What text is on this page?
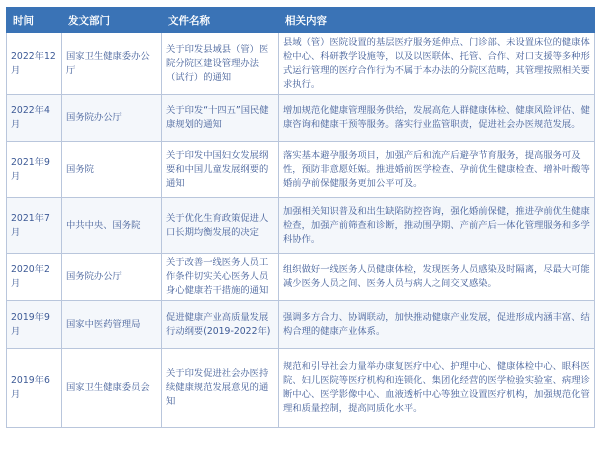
时间	发文部门	文件名称	相关内容
2022年12月	国家卫生健康委办公厅	关于印发县域县（管）医院分院区建设管理办法（试行）的通知	县域（管）医院设置的基层医疗服务延伸点、门诊部、未设置床位的健康体检中心、科研教学设施等，以及以医联体、托管、合作、对口支援等多种形式运行管理的医疗合作行为不属于本办法的分院区范畴，其管理按照相关要求执行。
2022年4月	国务院办公厅	关于印发“十四五”国民健康规划的通知	增加规范化健康管理服务供给，发展高危人群健康体检、健康风险评估、健康咨询和健康干预等服务。落实行业监管职责，促进社会办医规范发展。
2021年9月	国务院	关于印发中国妇女发展纲要和中国儿童发展纲要的通知	落实基本避孕服务项目，加强产后和流产后避孕节育服务，提高服务可及性，预防非意愿妊娠。推进婚前医学检查、孕前优生健康检查、增补叶酸等婚前孕前保健服务更加公平可及。
2021年7月	中共中央、国务院	关于优化生育政策促进人口长期均衡发展的决定	加强相关知识普及和出生缺陷防控咨询，强化婚前保健，推进孕前优生健康检查，加强产前筛查和诊断，推动围孕期、产前产后一体化管理服务和多学科协作。
2020年2月	国务院办公厅	关于改善一线医务人员工作条件切实关心医务人员身心健康若干措施的通知	组织做好一线医务人员健康体检，发现医务人员感染及时隔离，尽最大可能减少医务人员之间、医务人员与病人之间交叉感染。
2019年9月	国家中医药管理局	促进健康产业高质量发展行动纲要(2019-2022年)	强调多方合力、协调联动，加快推动健康产业发展，促进形成内涵丰富、结构合理的健康产业体系。
2019年6月	国家卫生健康委员会	关于印发促进社会办医持续健康规范发展意见的通知	规范和引导社会力量举办康复医疗中心、护理中心、健康体检中心、眼科医院、妇儿医院等医疗机构和连锁化、集团化经营的医学检验实验室、病理诊断中心、医学影像中心、血液透析中心等独立设置医疗机构，加强规范化管理和质量控制，提高同质化水平。
